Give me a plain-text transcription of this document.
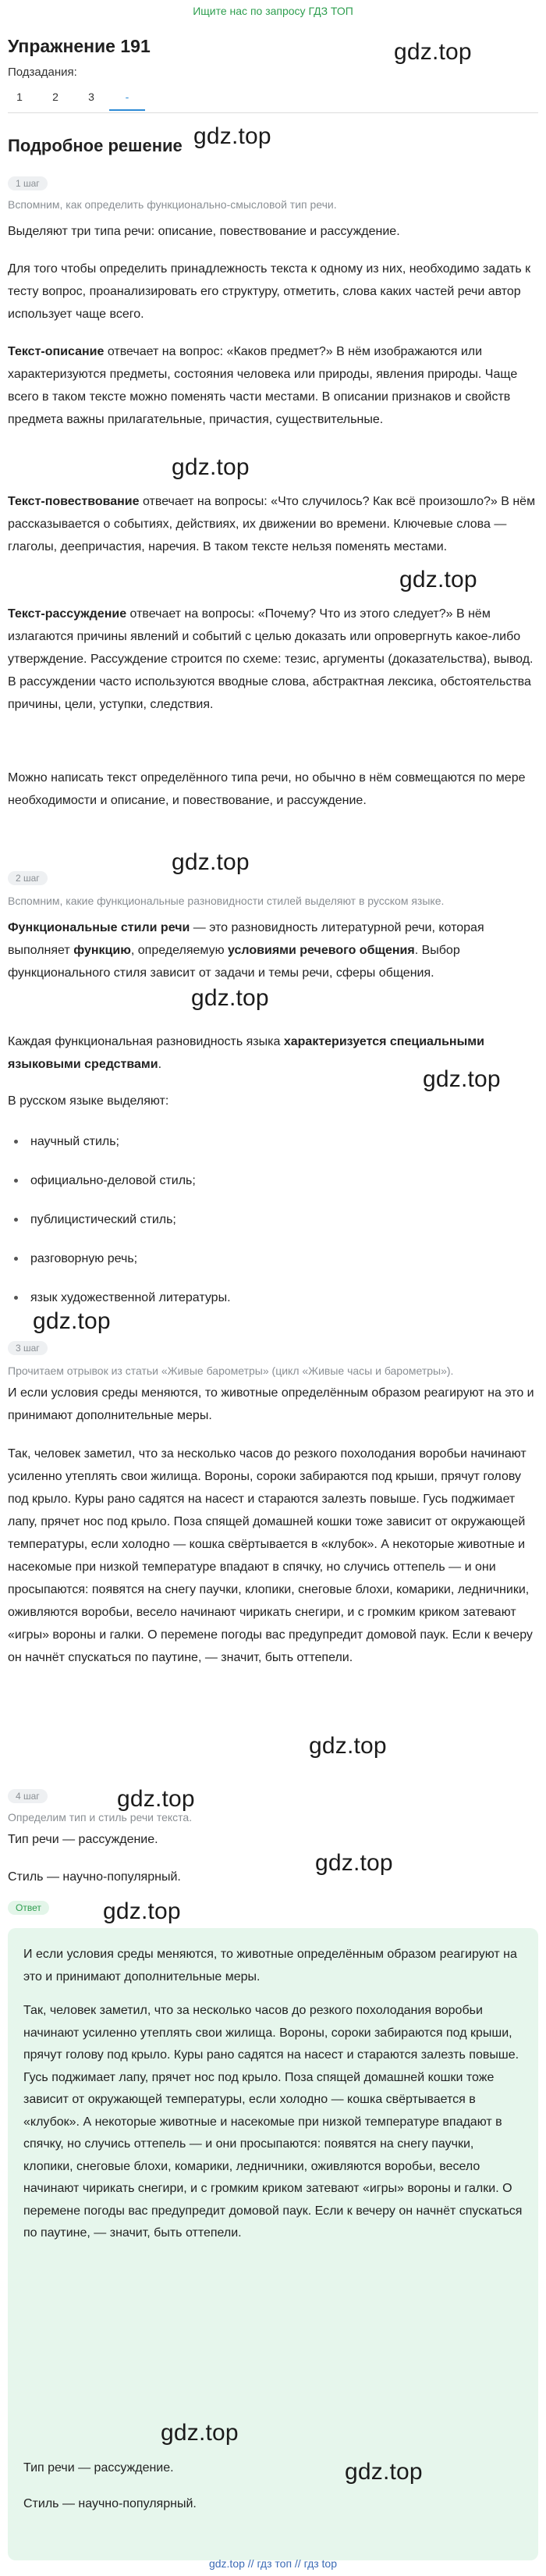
Ищите нас по запросу ГДЗ ТОП
gdz.top
Упражнение 191
Подзадания:
1	2	3	-
gdz.top
Подробное решение
1 шаг
Вспомним, как определить функционально-смысловой тип речи.
Выделяют три типа речи: описание, повествование и рассуждение.
Для того чтобы определить принадлежность текста к одному из них, необходимо задать к тесту вопрос, проанализировать его структуру, отметить, слова каких частей речи автор использует чаще всего.
Текст-описание отвечает на вопрос: «Каков предмет?» В нём изображаются или характеризуются предметы, состояния человека или природы, явления природы. Чаще всего в таком тексте можно поменять части местами. В описании признаков и свойств предмета важны прилагательные, причастия, существительные.
gdz.top
Текст-повествование отвечает на вопросы: «Что случилось? Как всё произошло?» В нём рассказывается о событиях, действиях, их движении во времени. Ключевые слова — глаголы, деепричастия, наречия. В таком тексте нельзя поменять местами.
gdz.top
Текст-рассуждение отвечает на вопросы: «Почему? Что из этого следует?» В нём излагаются причины явлений и событий с целью доказать или опровергнуть какое-либо утверждение. Рассуждение строится по схеме: тезис, аргументы (доказательства), вывод. В рассуждении часто используются вводные слова, абстрактная лексика, обстоятельства причины, цели, уступки, следствия.
Можно написать текст определённого типа речи, но обычно в нём совмещаются по мере необходимости и описание, и повествование, и рассуждение.
gdz.top
2 шаг
Вспомним, какие функциональные разновидности стилей выделяют в русском языке.
Функциональные стили речи — это разновидность литературной речи, которая выполняет функцию, определяемую условиями речевого общения. Выбор функционального стиля зависит от задачи и темы речи, сферы общения.
gdz.top
Каждая функциональная разновидность языка характеризуется специальными языковыми средствами.
В русском языке выделяют:
gdz.top
научный стиль;
официально-деловой стиль;
публицистический стиль;
разговорную речь;
язык художественной литературы.
gdz.top
3 шаг
Прочитаем отрывок из статьи «Живые барометры» (цикл «Живые часы и барометры»).
И если условия среды меняются, то животные определённым образом реагируют на это и принимают дополнительные меры.
Так, человек заметил, что за несколько часов до резкого похолодания воробьи начинают усиленно утеплять свои жилища. Вороны, сороки забираются под крыши, прячут голову под крыло. Куры рано садятся на насест и стараются залезть повыше. Гусь поджимает лапу, прячет нос под крыло. Поза спящей домашней кошки тоже зависит от окружающей температуры, если холодно — кошка свёртывается в «клубок». А некоторые животные и насекомые при низкой температуре впадают в спячку, но случись оттепель — и они просыпаются: появятся на снегу паучки, клопики, снеговые блохи, комарики, ледничники, оживляются воробьи, весело начинают чирикать снегири, и с громким криком затевают «игры» вороны и галки. О перемене погоды вас предупредит домовой паук. Если к вечеру он начнёт спускаться по паутине, — значит, быть оттепели.
gdz.top
gdz.top
4 шаг
Определим тип и стиль речи текста.
Тип речи — рассуждение.
gdz.top
Стиль — научно-популярный.
gdz.top
Ответ
И если условия среды меняются, то животные определённым образом реагируют на это и принимают дополнительные меры.
Так, человек заметил, что за несколько часов до резкого похолодания воробьи начинают усиленно утеплять свои жилища. Вороны, сороки забираются под крыши, прячут голову под крыло. Куры рано садятся на насест и стараются залезть повыше. Гусь поджимает лапу, прячет нос под крыло. Поза спящей домашней кошки тоже зависит от окружающей температуры, если холодно — кошка свёртывается в «клубок». А некоторые животные и насекомые при низкой температуре впадают в спячку, но случись оттепель — и они просыпаются: появятся на снегу паучки, клопики, снеговые блохи, комарики, ледничники, оживляются воробьи, весело начинают чирикать снегири, и с громким криком затевают «игры» вороны и галки. О перемене погоды вас предупредит домовой паук. Если к вечеру он начнёт спускаться по паутине, — значит, быть оттепели.
Тип речи — рассуждение.
Стиль — научно-популярный.
gdz.top
gdz.top
gdz.top // гдз топ // гдз top
